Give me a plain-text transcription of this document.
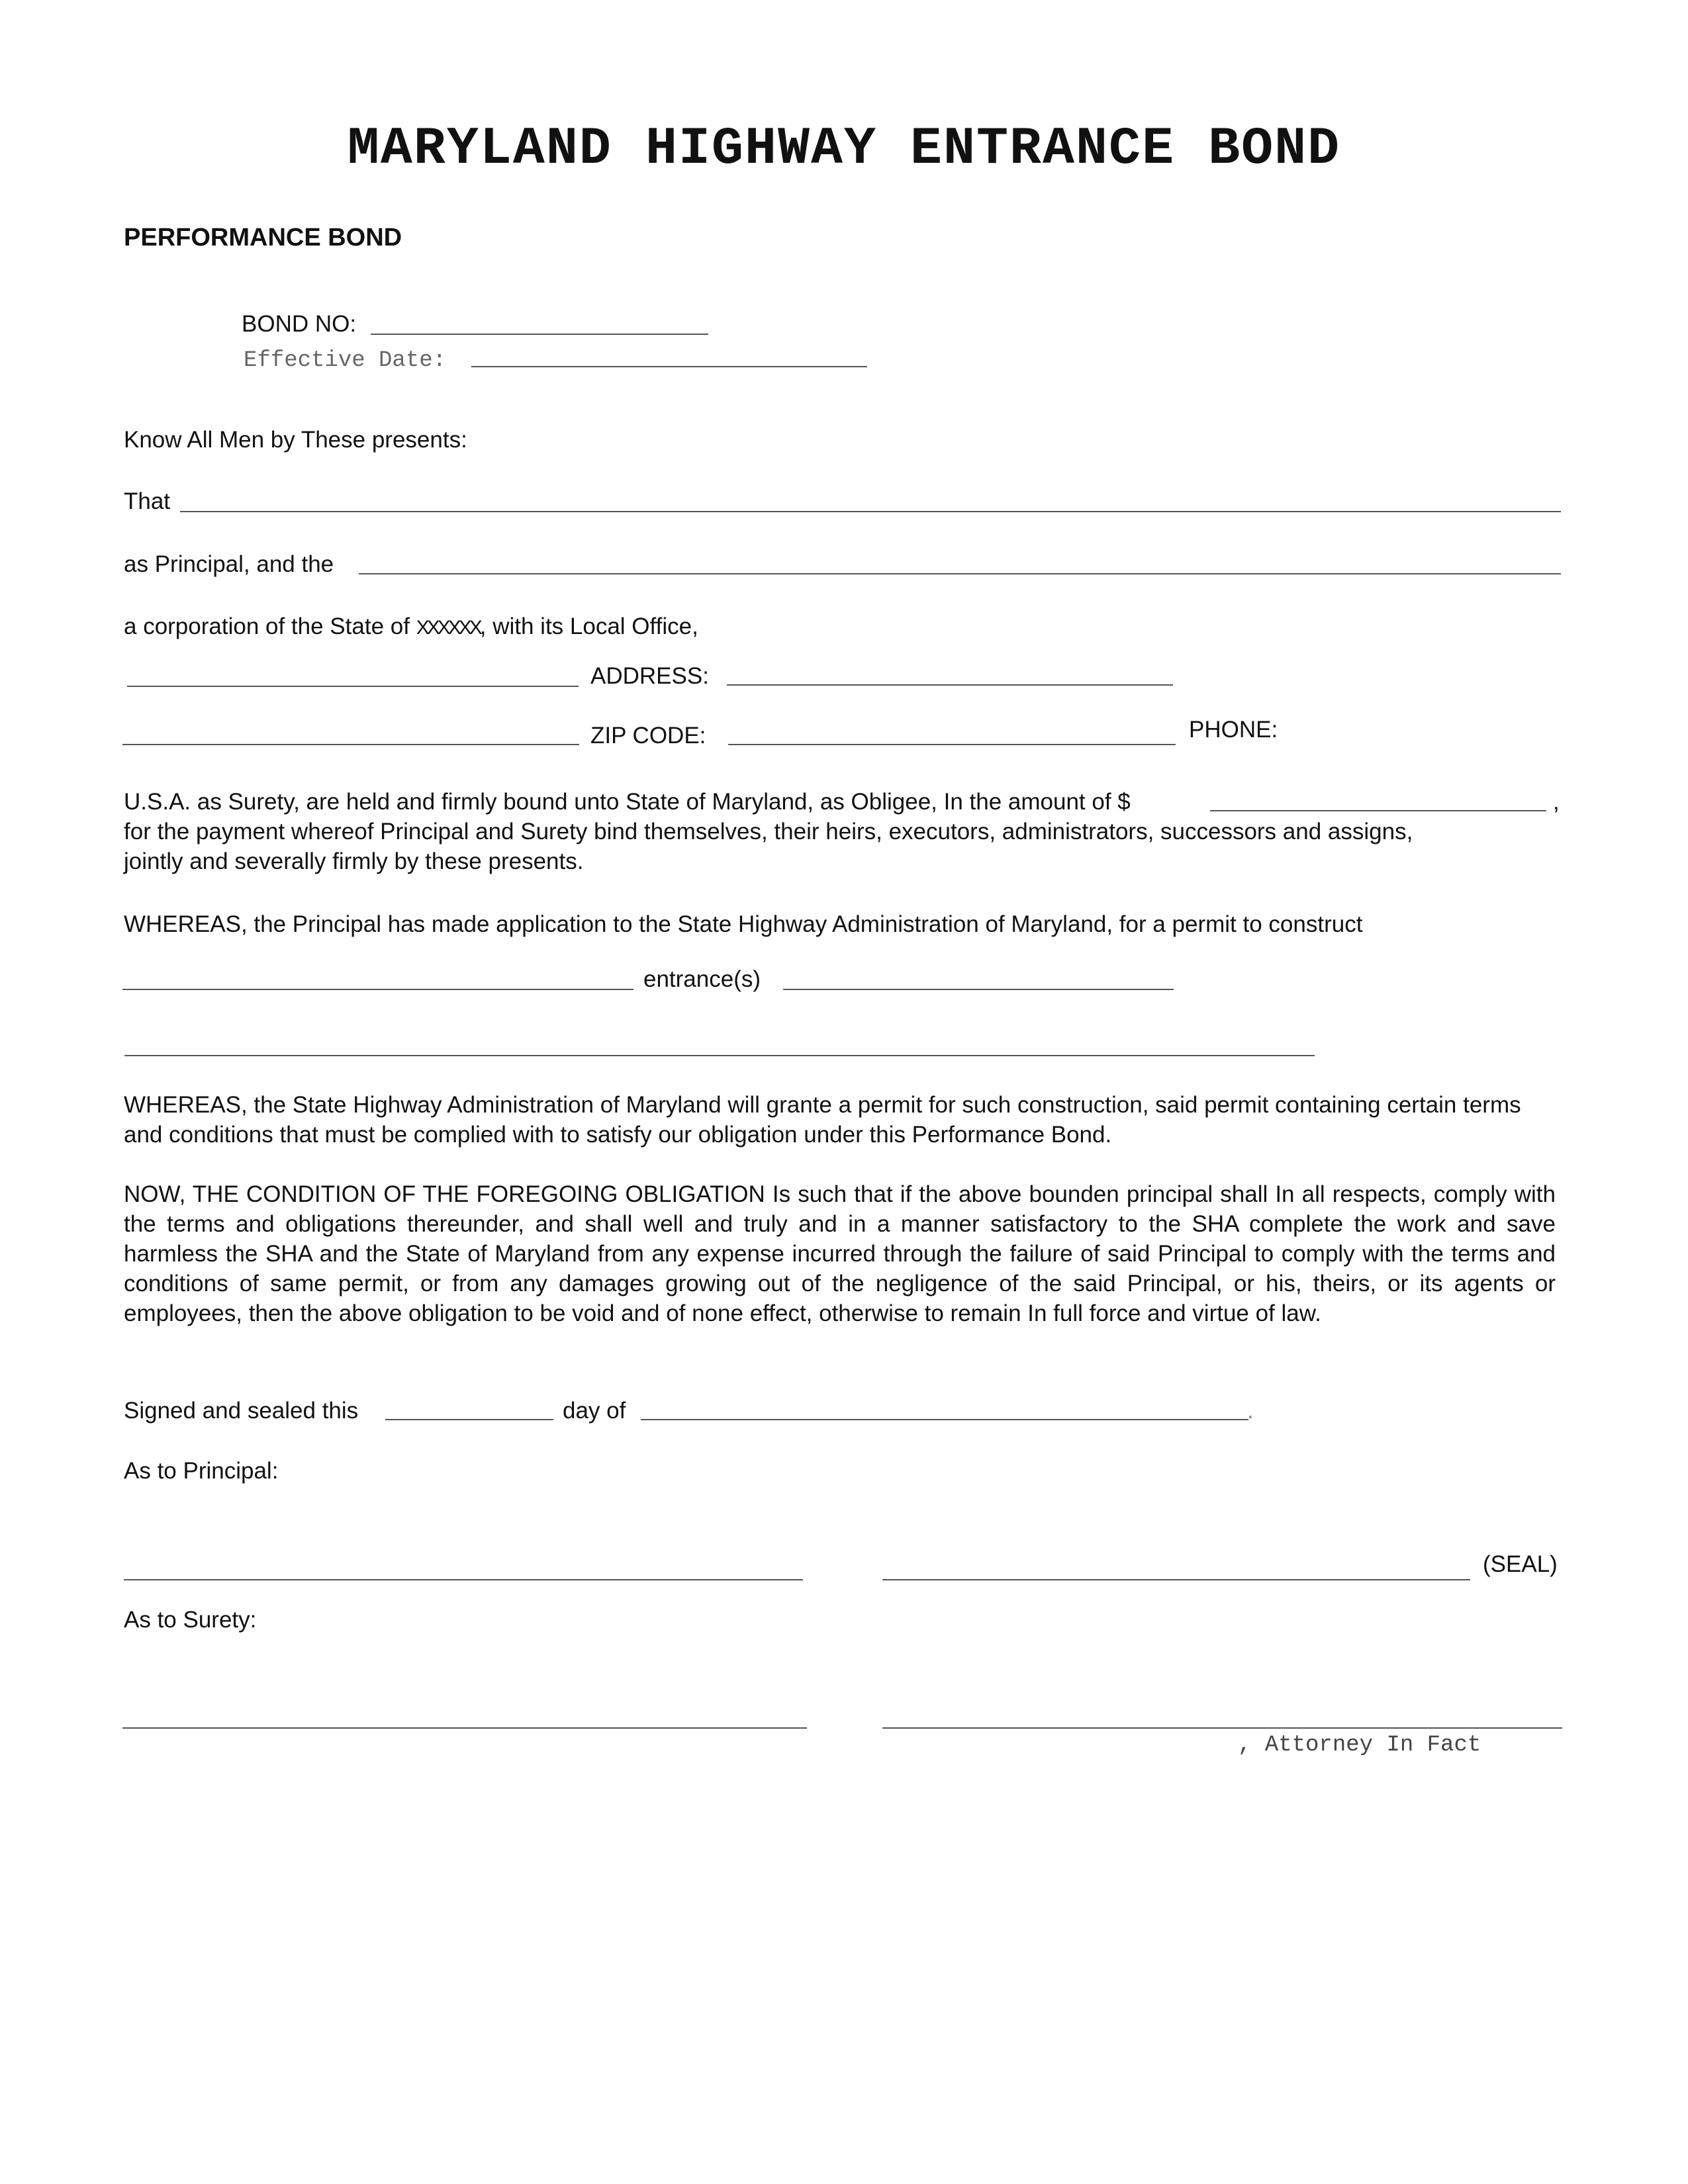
MARYLAND HIGHWAY ENTRANCE BOND
PERFORMANCE BOND
BOND NO:
Effective Date:
Know All Men by These presents:
That
as Principal, and the
a corporation of the State of XXXXXX, with its Local Office,
ADDRESS:
ZIP CODE:	PHONE:
U.S.A. as Surety, are held and firmly bound unto State of Maryland, as Obligee, In the amount of $	,
for the payment whereof Principal and Surety bind themselves, their heirs, executors, administrators, successors and assigns,
jointly and severally firmly by these presents.
WHEREAS, the Principal has made application to the State Highway Administration of Maryland, for a permit to construct
entrance(s)
WHEREAS, the State Highway Administration of Maryland will grante a permit for such construction, said permit containing certain terms and conditions that must be complied with to satisfy our obligation under this Performance Bond.
NOW, THE CONDITION OF THE FOREGOING OBLIGATION Is such that if the above bounden principal shall In all respects, comply with the terms and obligations thereunder, and shall well and truly and in a manner satisfactory to the SHA complete the work and save harmless the SHA and the State of Maryland from any expense incurred through the failure of said Principal to comply with the terms and conditions of same permit, or from any damages growing out of the negligence of the said Principal, or his, theirs, or its agents or employees, then the above obligation to be void and of none effect, otherwise to remain In full force and virtue of law.
Signed and sealed this	day of	.
As to Principal:
(SEAL)
As to Surety:
, Attorney In Fact
